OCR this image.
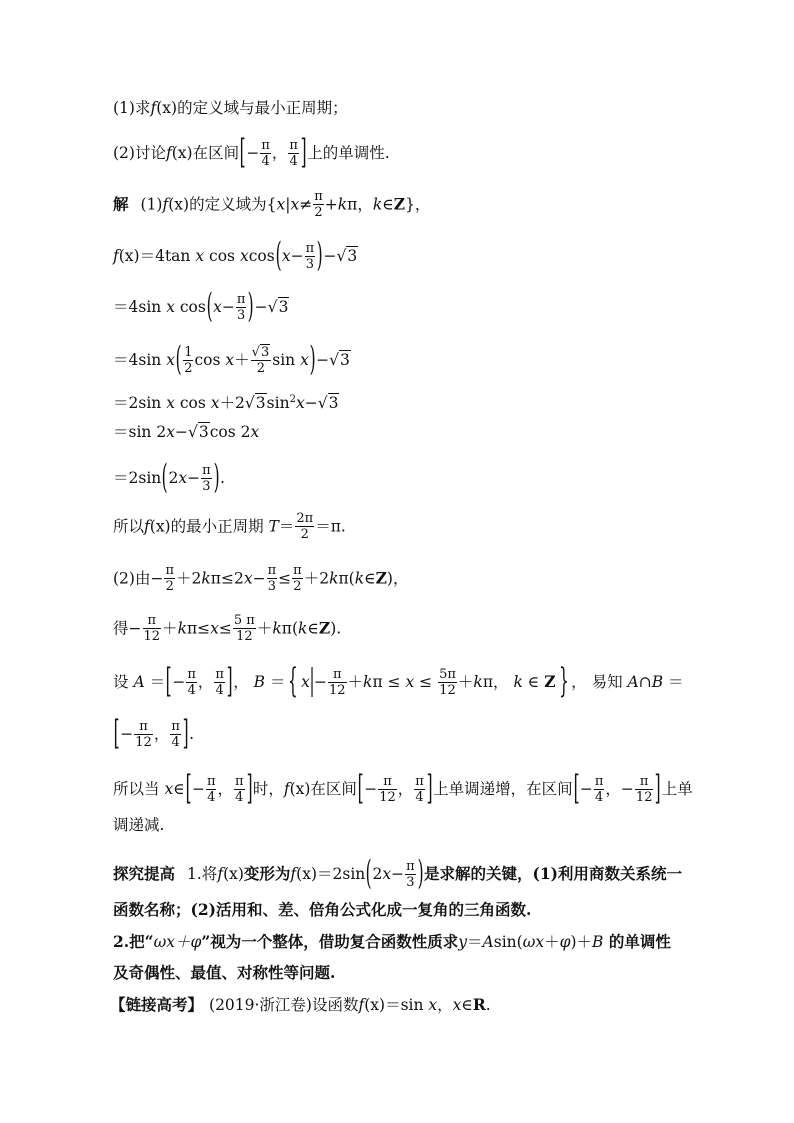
(1)求f(x)的定义域与最小正周期；
(2)讨论f(x)在区间[− $\frac{\pi}{4}$ ， $\frac{\pi}{4}$ ]上的单调性.
解 (1)f(x)的定义域为{$x|x\ne \frac{\pi}{2} +k\pi$，k∈Z}，
f(x)＝4tan x $\cos xcos(x- \frac{\pi}{3} )-√3$
＝4sin x $\cos(x- \frac{\pi}{3} )-√3$
＝4sin $x( \frac{1}{2}$ $\cos x+ \frac{√3}{2}$ sin x)−√3
＝2sin x $\cos x+2√3\sin^2x-√3$
＝sin 2x−√3cos 2x
$=2\sin(2x- \frac{\pi}{3}$ ).
所以f(x)的最小正周期 $T= \frac{2\pi}{2} =\pi$.
(2)由− $\frac{\pi}{2} +2k\pi\le 2x- \frac{\pi}{3} \le \frac{\pi}{2}$ ＋2kπ(k∈Z)，
得− $\frac{\pi}{12} +k\pi\le x\le \frac{5 \pi}{12}$ ＋kπ(k∈Z).
设 A ＝[− $\frac{\pi}{4}$ ， $\frac{\pi}{4}$ ]， B ＝{ $x|- \frac{\pi}{12} +k\pi \le x \le \frac{5\pi}{12} +k\pi$， k ∈ Z} ， 易知 A∩B ＝
[− $\frac{\pi}{12}$ ， $\frac{\pi}{4}$ ].
所以当 x∈[− $\frac{\pi}{4}$ ， $\frac{\pi}{4}$ ]时，f(x)在区间[− $\frac{\pi}{12}$ ， $\frac{\pi}{4}$ ]上单调递增，在区间[− $\frac{\pi}{4}$ ，− $\frac{\pi}{12}$ ]上单
调递减.
探究提高 1.将f(x)变形为$f(x)=2\sin(2x- \frac{\pi}{3}$ )是求解的关键，(1)利用商数关系统一
函数名称；(2)活用和、差、倍角公式化成一复角的三角函数.
2.把“ωx＋φ”视为一个整体，借助复合函数性质求y＝Asin(ωx＋φ)＋B 的单调性
及奇偶性、最值、对称性等问题.
【链接高考】 (2019·浙江卷)设函数f(x)＝sin x，x∈R.
